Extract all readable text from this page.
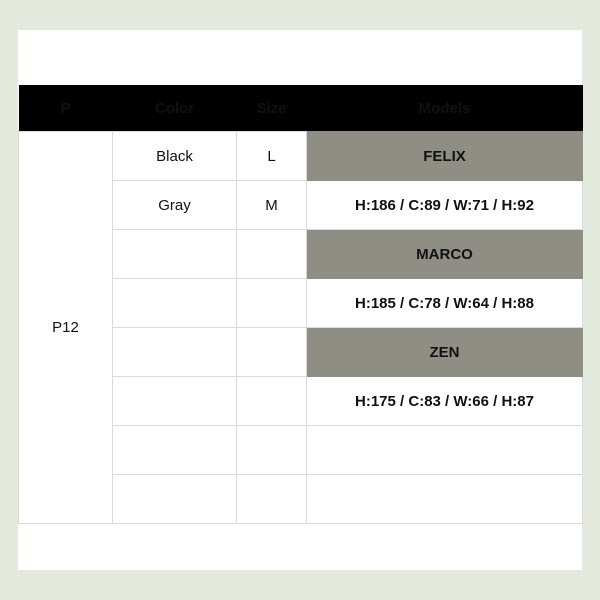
P	Color	Size	Models
P12	Black	L	FELIX
	Gray	M	H:186 / C:89 / W:71 / H:92
			MARCO
			H:185 / C:78 / W:64 / H:88
			ZEN
			H:175 / C:83 / W:66 / H:87
